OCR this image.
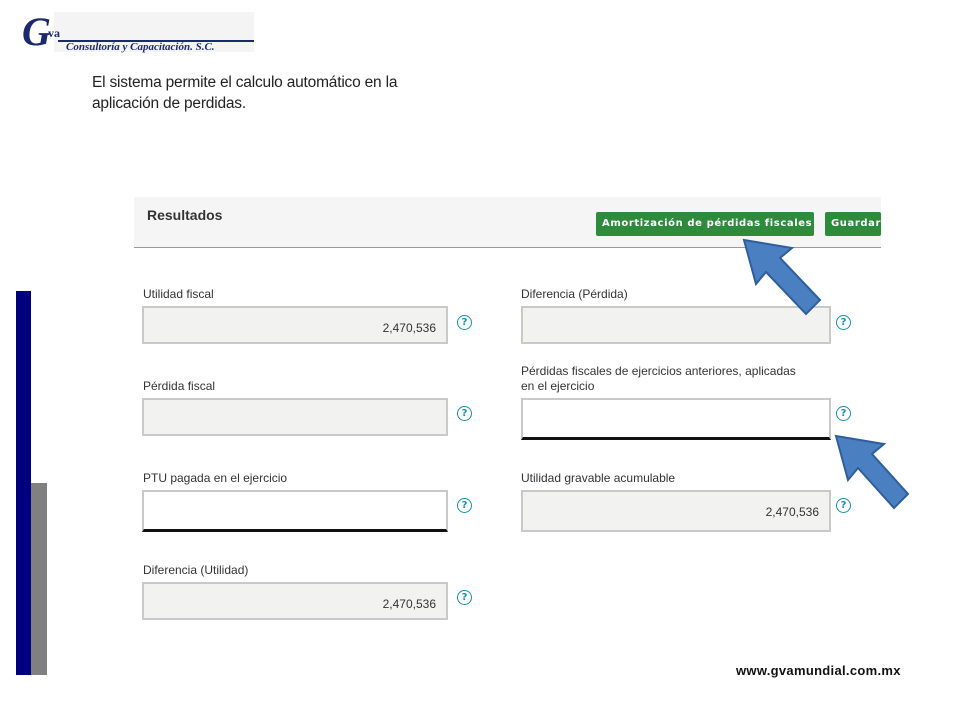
G
va
Consultoría y Capacitación. S.C.
El sistema permite el calculo automático en la aplicación de perdidas.
Resultados
Amortización de pérdidas fiscales	Guardar
Utilidad fiscal
2,470,536	?
Pérdida fiscal
?
PTU pagada en el ejercicio
?
Diferencia (Utilidad)
2,470,536	?
Diferencia (Pérdida)
?
Pérdidas fiscales de ejercicios anteriores, aplicadas
en el ejercicio
?
Utilidad gravable acumulable
2,470,536	?
www.gvamundial.com.mx
